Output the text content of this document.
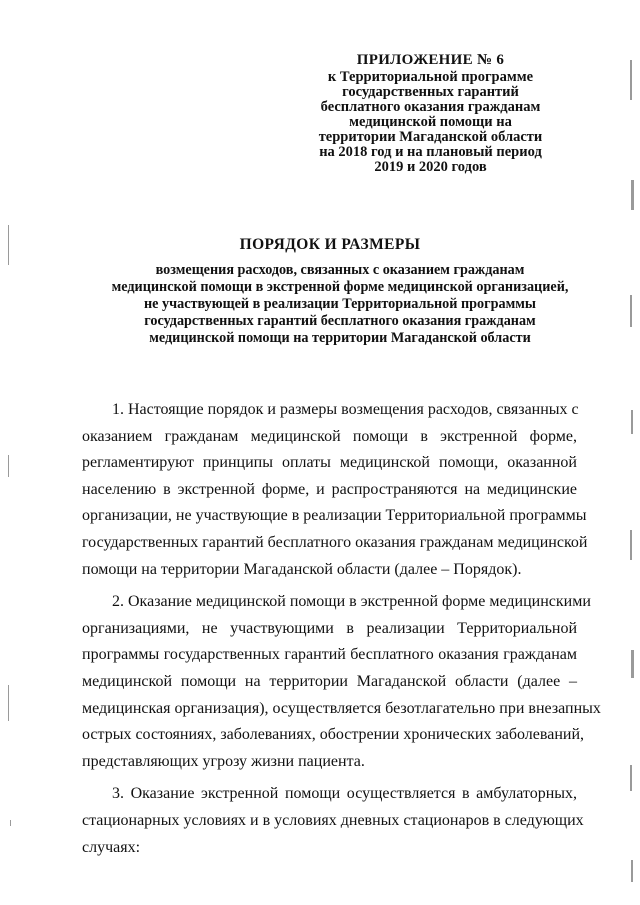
ПРИЛОЖЕНИЕ № 6
к Территориальной программе
государственных гарантий
бесплатного оказания гражданам
медицинской помощи на
территории Магаданской области
на 2018 год и на плановый период
2019 и 2020 годов
ПОРЯДОК И РАЗМЕРЫ
возмещения расходов, связанных с оказанием гражданам
медицинской помощи в экстренной форме медицинской организацией,
не участвующей в реализации Территориальной программы
государственных гарантий бесплатного оказания гражданам
медицинской помощи на территории Магаданской области
1. Настоящие порядок и размеры возмещения расходов, связанных с
оказанием гражданам медицинской помощи в экстренной форме,
регламентируют принципы оплаты медицинской помощи, оказанной
населению в экстренной форме, и распространяются на медицинские
организации, не участвующие в реализации Территориальной программы
государственных гарантий бесплатного оказания гражданам медицинской
помощи на территории Магаданской области (далее – Порядок).
2. Оказание медицинской помощи в экстренной форме медицинскими
организациями, не участвующими в реализации Территориальной
программы государственных гарантий бесплатного оказания гражданам
медицинской помощи на территории Магаданской области (далее –
медицинская организация), осуществляется безотлагательно при внезапных
острых состояниях, заболеваниях, обострении хронических заболеваний,
представляющих угрозу жизни пациента.
3. Оказание экстренной помощи осуществляется в амбулаторных,
стационарных условиях и в условиях дневных стационаров в следующих
случаях:
